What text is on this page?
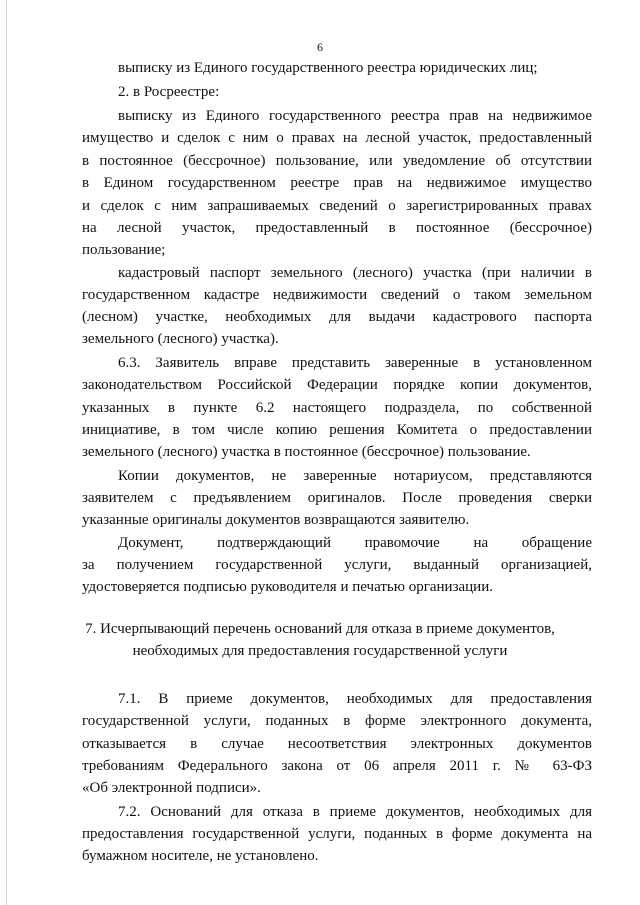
6
выписку из Единого государственного реестра юридических лиц;
2. в Росреестре:
выписку из Единого государственного реестра прав на недвижимое
имущество и сделок с ним о правах на лесной участок, предоставленный
в постоянное (бессрочное) пользование, или уведомление об отсутствии
в Едином государственном реестре прав на недвижимое имущество
и сделок с ним запрашиваемых сведений о зарегистрированных правах
на лесной участок, предоставленный в постоянное (бессрочное)
пользование;
кадастровый паспорт земельного (лесного) участка (при наличии в
государственном кадастре недвижимости сведений о таком земельном
(лесном) участке, необходимых для выдачи кадастрового паспорта
земельного (лесного) участка).
6.3. Заявитель вправе представить заверенные в установленном
законодательством Российской Федерации порядке копии документов,
указанных в пункте 6.2 настоящего подраздела, по собственной
инициативе, в том числе копию решения Комитета о предоставлении
земельного (лесного) участка в постоянное (бессрочное) пользование.
Копии документов, не заверенные нотариусом, представляются
заявителем с предъявлением оригиналов. После проведения сверки
указанные оригиналы документов возвращаются заявителю.
Документ, подтверждающий правомочие на обращение
за получением государственной услуги, выданный организацией,
удостоверяется подписью руководителя и печатью организации.
7. Исчерпывающий перечень оснований для отказа в приеме документов,
необходимых для предоставления государственной услуги
7.1. В приеме документов, необходимых для предоставления
государственной услуги, поданных в форме электронного документа,
отказывается в случае несоответствия электронных документов
требованиям Федерального закона от 06 апреля 2011 г. № 63-ФЗ
«Об электронной подписи».
7.2. Оснований для отказа в приеме документов, необходимых для
предоставления государственной услуги, поданных в форме документа на
бумажном носителе, не установлено.
